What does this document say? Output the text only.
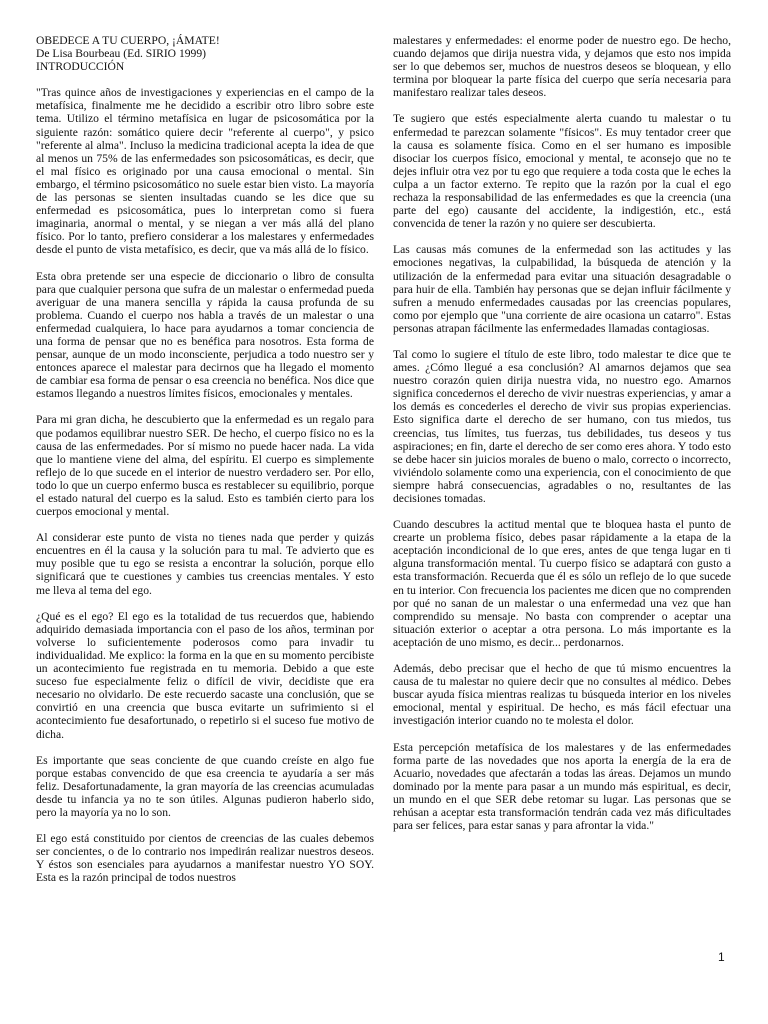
OBEDECE A TU CUERPO, ¡ÁMATE!
De Lisa Bourbeau (Ed. SIRIO 1999)
INTRODUCCIÓN

"Tras quince años de investigaciones y experiencias en el campo de la metafísica, finalmente me he decidido a escribir otro libro sobre este tema. Utilizo el término metafísica en lugar de psicosomática por la siguiente razón: somático quiere decir "referente al cuerpo", y psico "referente al alma". Incluso la medicina tradicional acepta la idea de que al menos un 75% de las enfermedades son psicosomáticas, es decir, que el mal físico es originado por una causa emocional o mental. Sin embargo, el término psicosomático no suele estar bien visto. La mayoría de las personas se sienten insultadas cuando se les dice que su enfermedad es psicosomática, pues lo interpretan como si fuera imaginaria, anormal o mental, y se niegan a ver más allá del plano físico. Por lo tanto, prefiero considerar a los malestares y enfermedades desde el punto de vista metafísico, es decir, que va más allá de lo físico.

Esta obra pretende ser una especie de diccionario o libro de consulta para que cualquier persona que sufra de un malestar o enfermedad pueda averiguar de una manera sencilla y rápida la causa profunda de su problema. Cuando el cuerpo nos habla a través de un malestar o una enfermedad cualquiera, lo hace para ayudarnos a tomar conciencia de una forma de pensar que no es benéfica para nosotros. Esta forma de pensar, aunque de un modo inconsciente, perjudica a todo nuestro ser y entonces aparece el malestar para decirnos que ha llegado el momento de cambiar esa forma de pensar o esa creencia no benéfica. Nos dice que estamos llegando a nuestros límites físicos, emocionales y mentales.

Para mi gran dicha, he descubierto que la enfermedad es un regalo para que podamos equilibrar nuestro SER. De hecho, el cuerpo físico no es la causa de las enfermedades. Por sí mismo no puede hacer nada. La vida que lo mantiene viene del alma, del espíritu. El cuerpo es simplemente reflejo de lo que sucede en el interior de nuestro verdadero ser. Por ello, todo lo que un cuerpo enfermo busca es restablecer su equilibrio, porque el estado natural del cuerpo es la salud. Esto es también cierto para los cuerpos emocional y mental.

Al considerar este punto de vista no tienes nada que perder y quizás encuentres en él la causa y la solución para tu mal. Te advierto que es muy posible que tu ego se resista a encontrar la solución, porque ello significará que te cuestiones y cambies tus creencias mentales. Y esto me lleva al tema del ego.

¿Qué es el ego? El ego es la totalidad de tus recuerdos que, habiendo adquirido demasiada importancia con el paso de los años, terminan por volverse lo suficientemente poderosos como para invadir tu individualidad. Me explico: la forma en la que en su momento percibiste un acontecimiento fue registrada en tu memoria. Debido a que este suceso fue especialmente feliz o difícil de vivir, decidiste que era necesario no olvidarlo. De este recuerdo sacaste una conclusión, que se convirtió en una creencia que busca evitarte un sufrimiento si el acontecimiento fue desafortunado, o repetirlo si el suceso fue motivo de dicha.

Es importante que seas conciente de que cuando creíste en algo fue porque estabas convencido de que esa creencia te ayudaría a ser más feliz. Desafortunadamente, la gran mayoría de las creencias acumuladas desde tu infancia ya no te son útiles. Algunas pudieron haberlo sido, pero la mayoría ya no lo son.

El ego está constituido por cientos de creencias de las cuales debemos ser concientes, o de lo contrario nos impedirán realizar nuestros deseos. Y éstos son esenciales para ayudarnos a manifestar nuestro YO SOY. Esta es la razón principal de todos nuestros

malestares y enfermedades: el enorme poder de nuestro ego. De hecho, cuando dejamos que dirija nuestra vida, y dejamos que esto nos impida ser lo que debemos ser, muchos de nuestros deseos se bloquean, y ello termina por bloquear la parte física del cuerpo que sería necesaria para manifestaro realizar tales deseos.

Te sugiero que estés especialmente alerta cuando tu malestar o tu enfermedad te parezcan solamente "físicos". Es muy tentador creer que la causa es solamente física. Como en el ser humano es imposible disociar los cuerpos físico, emocional y mental, te aconsejo que no te dejes influir otra vez por tu ego que requiere a toda costa que le eches la culpa a un factor externo. Te repito que la razón por la cual el ego rechaza la responsabilidad de las enfermedades es que la creencia (una parte del ego) causante del accidente, la indigestión, etc., está convencida de tener la razón y no quiere ser descubierta.

Las causas más comunes de la enfermedad son las actitudes y las emociones negativas, la culpabilidad, la búsqueda de atención y la utilización de la enfermedad para evitar una situación desagradable o para huir de ella. También hay personas que se dejan influir fácilmente y sufren a menudo enfermedades causadas por las creencias populares, como por ejemplo que "una corriente de aire ocasiona un catarro". Estas personas atrapan fácilmente las enfermedades llamadas contagiosas.

Tal como lo sugiere el título de este libro, todo malestar te dice que te ames. ¿Cómo llegué a esa conclusión? Al amarnos dejamos que sea nuestro corazón quien dirija nuestra vida, no nuestro ego. Amarnos significa concedernos el derecho de vivir nuestras experiencias, y amar a los demás es concederles el derecho de vivir sus propias experiencias. Esto significa darte el derecho de ser humano, con tus miedos, tus creencias, tus límites, tus fuerzas, tus debilidades, tus deseos y tus aspiraciones; en fin, darte el derecho de ser como eres ahora. Y todo esto se debe hacer sin juicios morales de bueno o malo, correcto o incorrecto, viviéndolo solamente como una experiencia, con el conocimiento de que siempre habrá consecuencias, agradables o no, resultantes de las decisiones tomadas.

Cuando descubres la actitud mental que te bloquea hasta el punto de crearte un problema físico, debes pasar rápidamente a la etapa de la aceptación incondicional de lo que eres, antes de que tenga lugar en ti alguna transformación mental. Tu cuerpo físico se adaptará con gusto a esta transformación. Recuerda que él es sólo un reflejo de lo que sucede en tu interior. Con frecuencia los pacientes me dicen que no comprenden por qué no sanan de un malestar o una enfermedad una vez que han comprendido su mensaje. No basta con comprender o aceptar una situación exterior o aceptar a otra persona. Lo más importante es la aceptación de uno mismo, es decir... perdonarnos.

Además, debo precisar que el hecho de que tú mismo encuentres la causa de tu malestar no quiere decir que no consultes al médico. Debes buscar ayuda física mientras realizas tu búsqueda interior en los niveles emocional, mental y espiritual. De hecho, es más fácil efectuar una investigación interior cuando no te molesta el dolor.

Esta percepción metafísica de los malestares y de las enfermedades forma parte de las novedades que nos aporta la energía de la era de Acuario, novedades que afectarán a todas las áreas. Dejamos un mundo dominado por la mente para pasar a un mundo más espiritual, es decir, un mundo en el que SER debe retomar su lugar. Las personas que se rehúsan a aceptar esta transformación tendrán cada vez más dificultades para ser felices, para estar sanas y para afrontar la vida."

1
